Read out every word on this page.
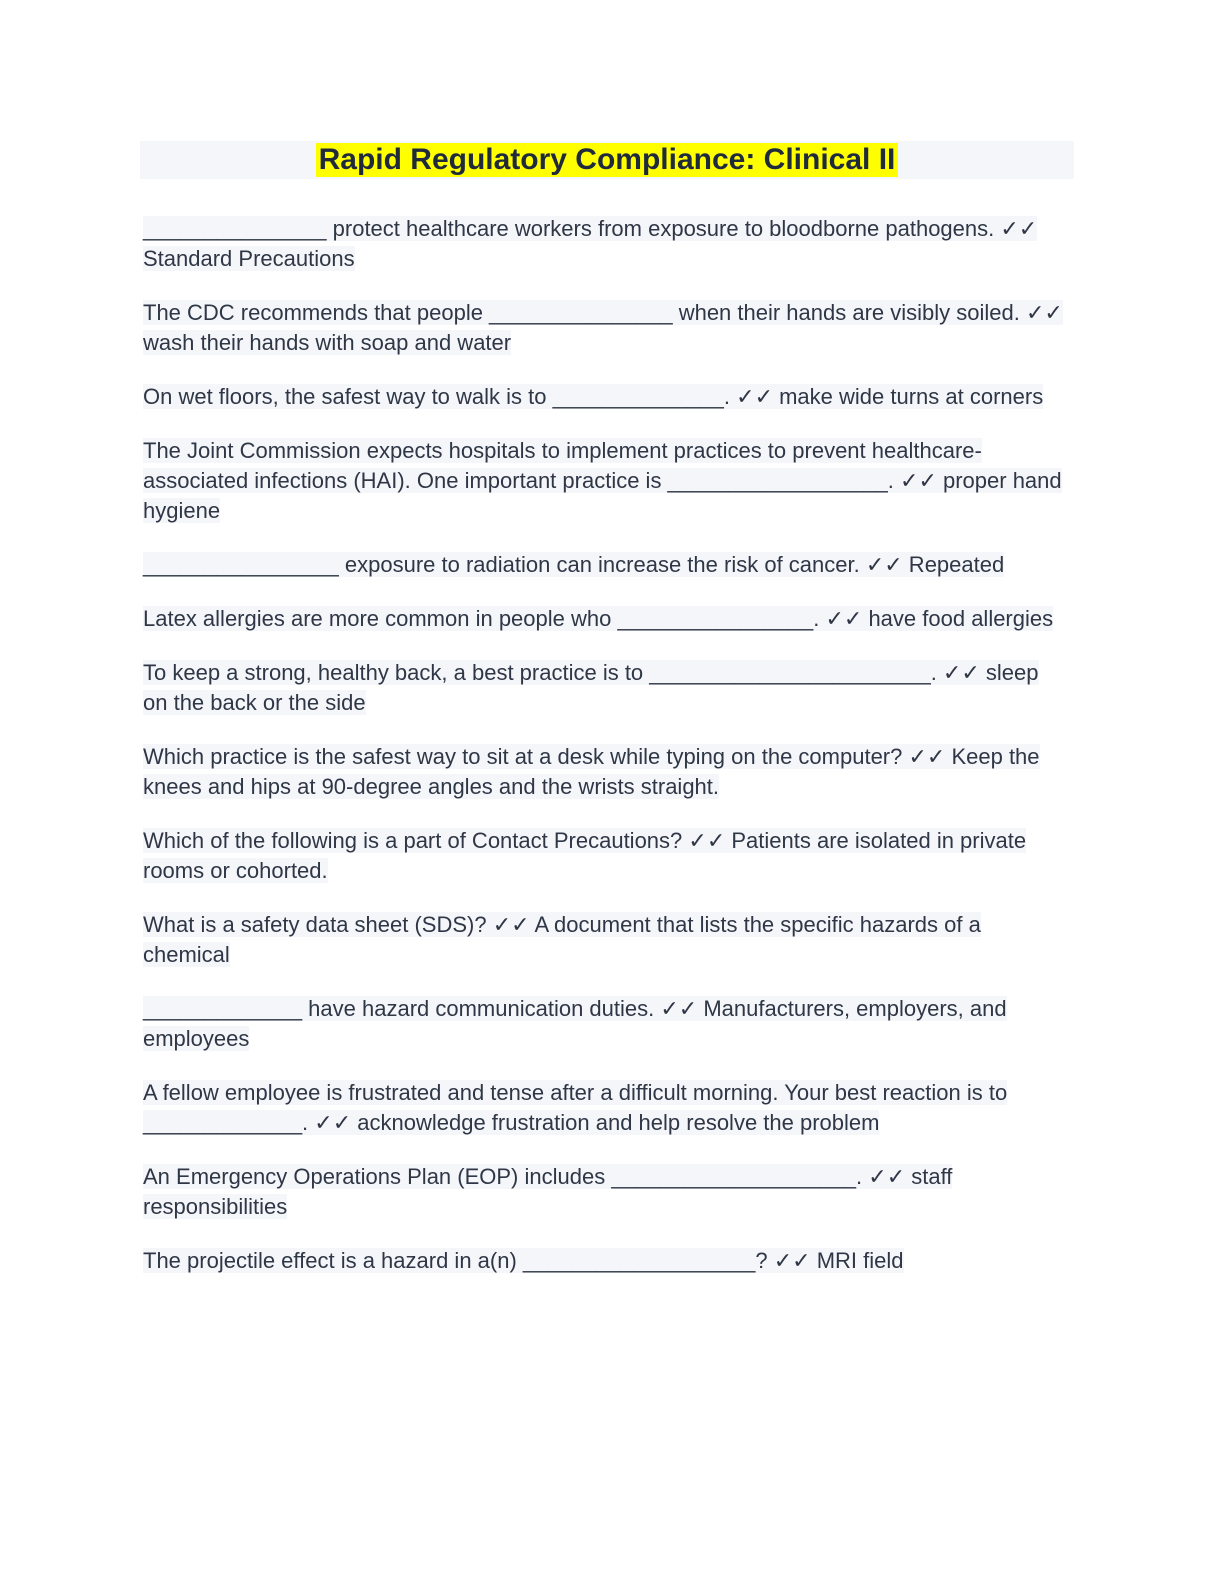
Rapid Regulatory Compliance: Clinical II
_______________ protect healthcare workers from exposure to bloodborne pathogens. ✓✓ Standard Precautions
The CDC recommends that people _______________ when their hands are visibly soiled. ✓✓ wash their hands with soap and water
On wet floors, the safest way to walk is to ______________. ✓✓ make wide turns at corners
The Joint Commission expects hospitals to implement practices to prevent healthcare-associated infections (HAI). One important practice is __________________. ✓✓ proper hand hygiene
________________ exposure to radiation can increase the risk of cancer. ✓✓ Repeated
Latex allergies are more common in people who ________________. ✓✓ have food allergies
To keep a strong, healthy back, a best practice is to _______________________. ✓✓ sleep on the back or the side
Which practice is the safest way to sit at a desk while typing on the computer? ✓✓ Keep the knees and hips at 90-degree angles and the wrists straight.
Which of the following is a part of Contact Precautions? ✓✓ Patients are isolated in private rooms or cohorted.
What is a safety data sheet (SDS)? ✓✓ A document that lists the specific hazards of a chemical
_____________ have hazard communication duties. ✓✓ Manufacturers, employers, and employees
A fellow employee is frustrated and tense after a difficult morning. Your best reaction is to _____________. ✓✓ acknowledge frustration and help resolve the problem
An Emergency Operations Plan (EOP) includes ____________________. ✓✓ staff responsibilities
The projectile effect is a hazard in a(n) ___________________? ✓✓ MRI field
